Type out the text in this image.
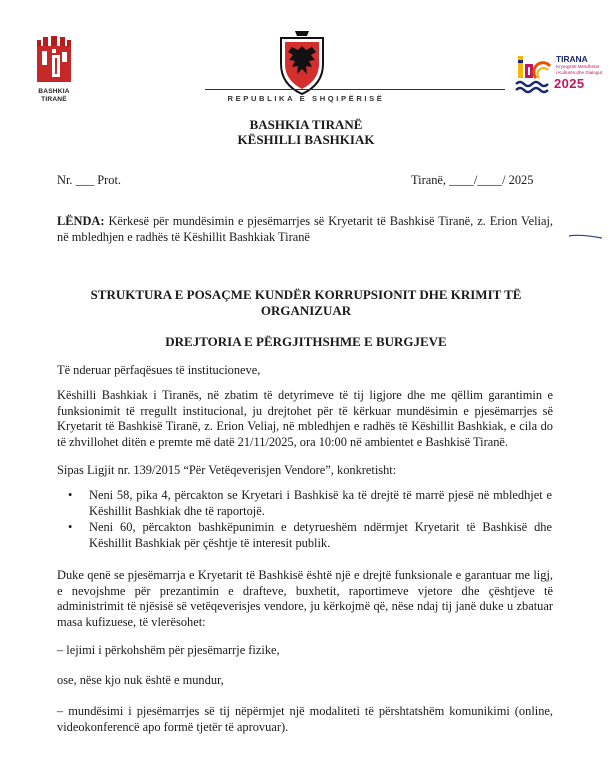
BASHKIA
TIRANË	REPUBLIKA E SHQIPËRISË
TIRANA
Kryeqyteti Mesdhetar
i Kulturës dhe Dialogut
2025
BASHKIA TIRANË
KËSHILLI BASHKIAK
Nr. ___ Prot.	Tiranë, ____/____/ 2025

LËNDA: Kërkesë për mundësimin e pjesëmarrjes së Kryetarit të Bashkisë Tiranë, z. Erion Veliaj, në mbledhjen e radhës të Këshillit Bashkiak Tiranë

STRUKTURA E POSAÇME KUNDËR KORRUPSIONIT DHE KRIMIT TË
ORGANIZUAR
DREJTORIA E PËRGJITHSHME E BURGJEVE
Të nderuar përfaqësues të institucioneve,

Këshilli Bashkiak i Tiranës, në zbatim të detyrimeve të tij ligjore dhe me qëllim garantimin e funksionimit të rregullt institucional, ju drejtohet për të kërkuar mundësimin e pjesëmarrjes së Kryetarit të Bashkisë Tiranë, z. Erion Veliaj, në mbledhjen e radhës të Këshillit Bashkiak, e cila do të zhvillohet ditën e premte më datë 21/11/2025, ora 10:00 në ambientet e Bashkisë Tiranë.

Sipas Ligjit nr. 139/2015 “Për Vetëqeverisjen Vendore”, konkretisht:
•	Neni 58, pika 4, përcakton se Kryetari i Bashkisë ka të drejtë të marrë pjesë në mbledhjet e Këshillit Bashkiak dhe të raportojë.
•	Neni 60, përcakton bashkëpunimin e detyrueshëm ndërmjet Kryetarit të Bashkisë dhe Këshillit Bashkiak për çështje të interesit publik.

Duke qenë se pjesëmarrja e Kryetarit të Bashkisë është një e drejtë funksionale e garantuar me ligj, e nevojshme për prezantimin e drafteve, buxhetit, raportimeve vjetore dhe çështjeve të administrimit të njësisë së vetëqeverisjes vendore, ju kërkojmë që, nëse ndaj tij janë duke u zbatuar masa kufizuese, të vlerësohet:

– lejimi i përkohshëm për pjesëmarrje fizike,
ose, nëse kjo nuk është e mundur,

– mundësimi i pjesëmarrjes së tij nëpërmjet një modaliteti të përshtatshëm komunikimi (online, videokonferencë apo formë tjetër të aprovuar).
